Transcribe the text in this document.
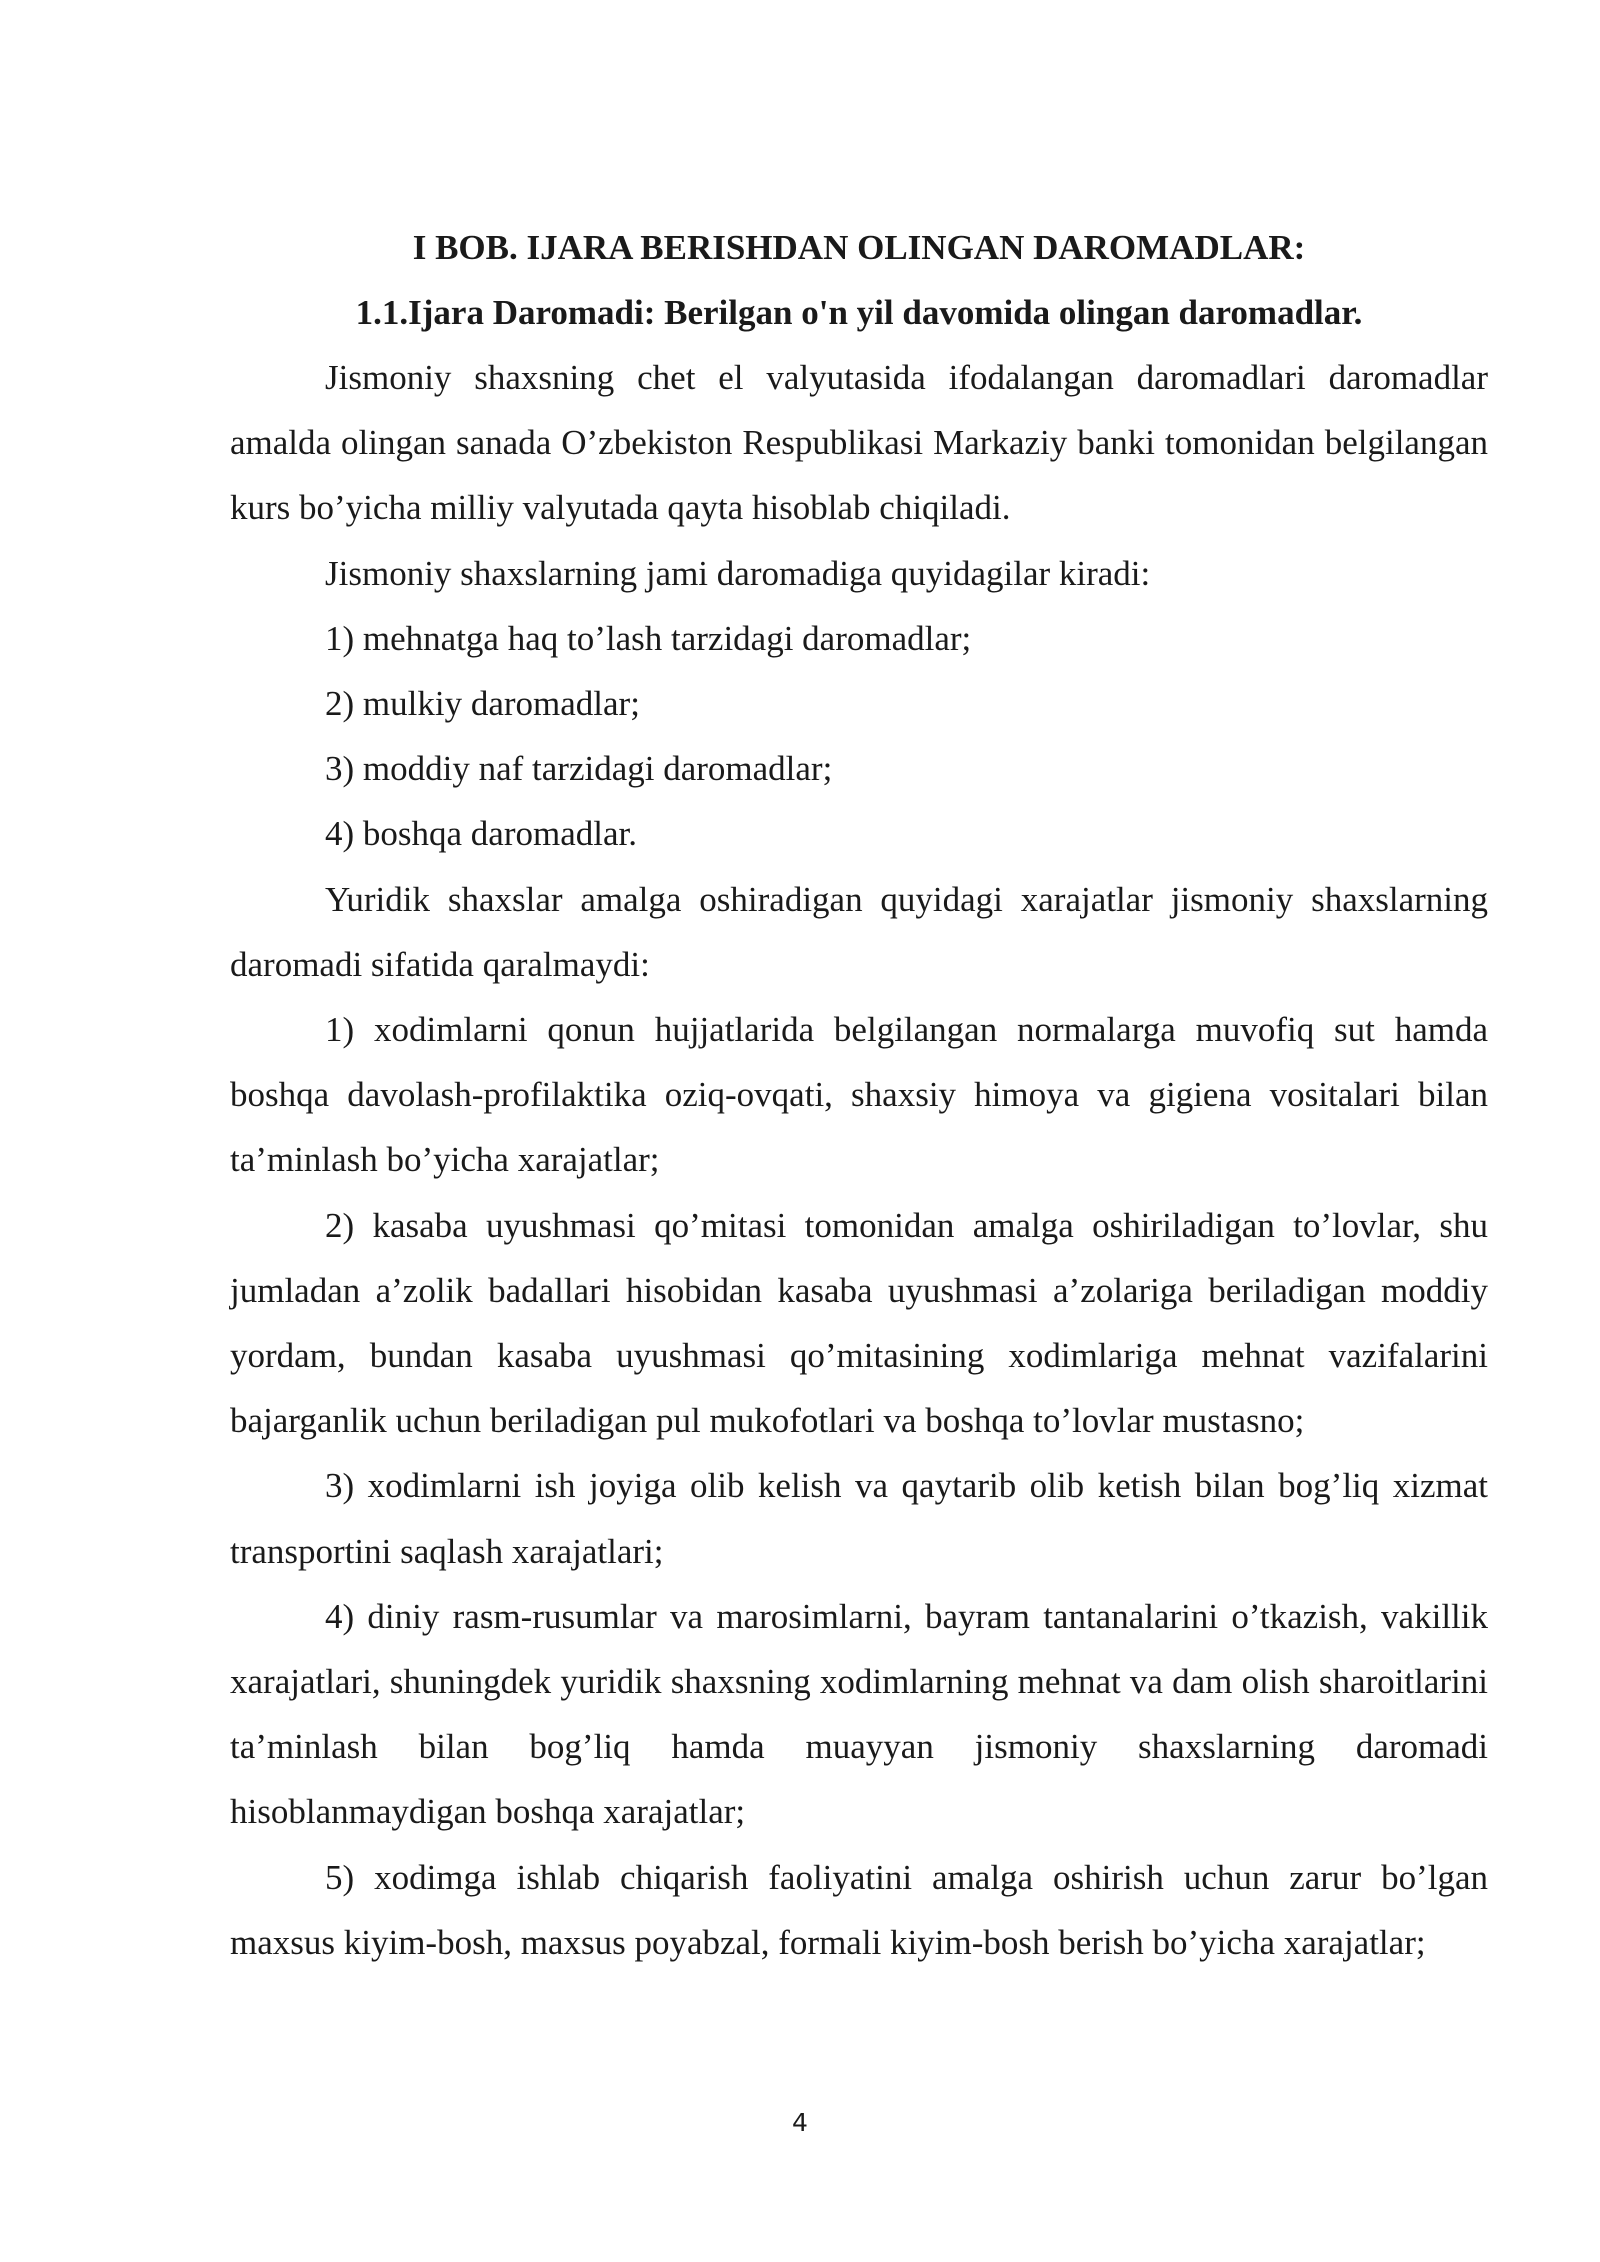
I BOB. IJARA BERISHDAN OLINGAN DAROMADLAR:
1.1.Ijara Daromadi: Berilgan o'n yil davomida olingan daromadlar.

Jismoniy shaxsning chet el valyutasida ifodalangan daromadlari daromadlar amalda olingan sanada O’zbekiston Respublikasi Markaziy banki tomonidan belgilangan kurs bo’yicha milliy valyutada qayta hisoblab chiqiladi.

Jismoniy shaxslarning jami daromadiga quyidagilar kiradi:

1) mehnatga haq to’lash tarzidagi daromadlar;

2) mulkiy daromadlar;

3) moddiy naf tarzidagi daromadlar;

4) boshqa daromadlar.

Yuridik shaxslar amalga oshiradigan quyidagi xarajatlar jismoniy shaxslarning daromadi sifatida qaralmaydi:

1) xodimlarni qonun hujjatlarida belgilangan normalarga muvofiq sut hamda boshqa davolash-profilaktika oziq-ovqati, shaxsiy himoya va gigiena vositalari bilan ta’minlash bo’yicha xarajatlar;

2) kasaba uyushmasi qo’mitasi tomonidan amalga oshiriladigan to’lovlar, shu jumladan a’zolik badallari hisobidan kasaba uyushmasi a’zolariga beriladigan moddiy yordam, bundan kasaba uyushmasi qo’mitasining xodimlariga mehnat vazifalarini bajarganlik uchun beriladigan pul mukofotlari va boshqa to’lovlar mustasno;

3) xodimlarni ish joyiga olib kelish va qaytarib olib ketish bilan bog’liq xizmat transportini saqlash xarajatlari;

4) diniy rasm-rusumlar va marosimlarni, bayram tantanalarini o’tkazish, vakillik xarajatlari, shuningdek yuridik shaxsning xodimlarning mehnat va dam olish sharoitlarini ta’minlash bilan bog’liq hamda muayyan jismoniy shaxslarning daromadi hisoblanmaydigan boshqa xarajatlar;

5) xodimga ishlab chiqarish faoliyatini amalga oshirish uchun zarur bo’lgan maxsus kiyim-bosh, maxsus poyabzal, formali kiyim-bosh berish bo’yicha xarajatlar;

4
